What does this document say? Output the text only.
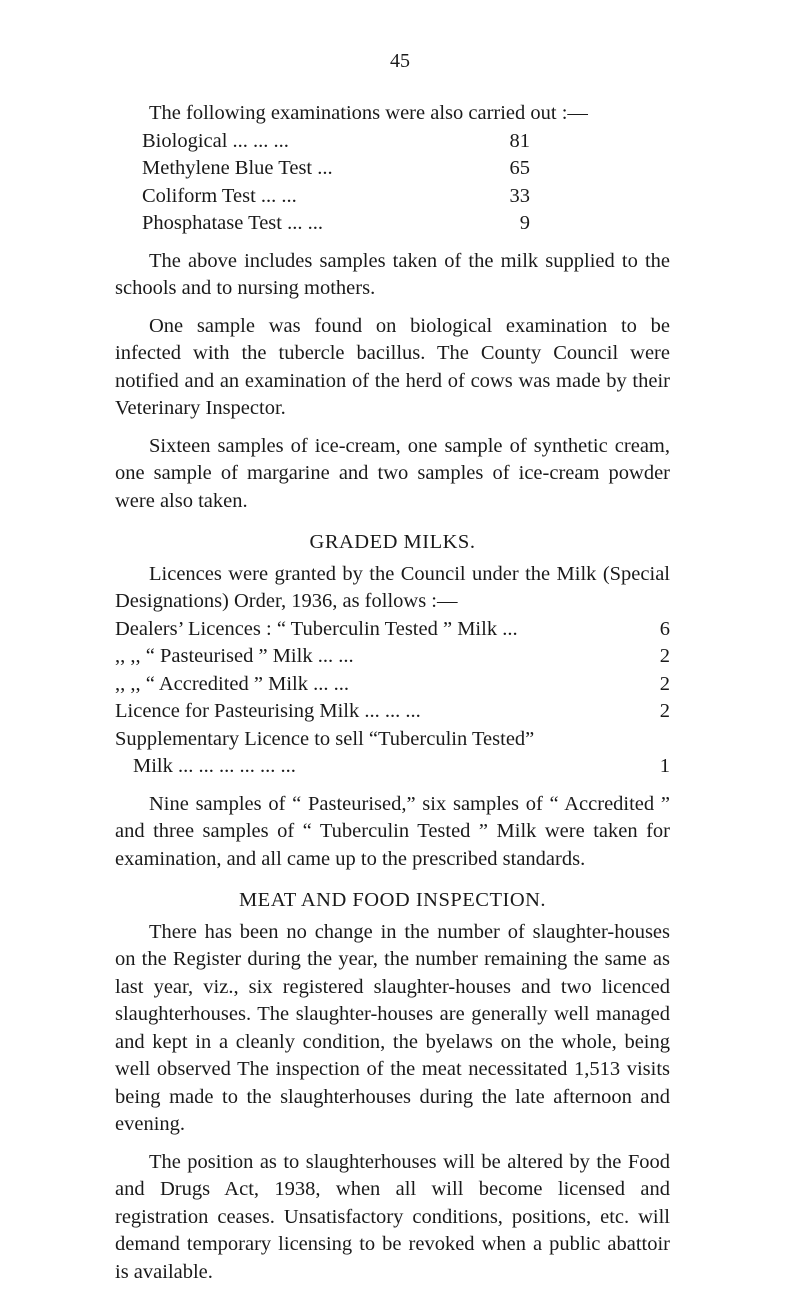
45

The following examinations were also carried out :—

Biological ... ... ...	81
Methylene Blue Test ...	65
Coliform Test ... ...	33
Phosphatase Test ... ...	9

The above includes samples taken of the milk supplied to the schools and to nursing mothers.

One sample was found on biological examination to be infected with the tubercle bacillus. The County Council were notified and an examination of the herd of cows was made by their Veterinary Inspector.

Sixteen samples of ice-cream, one sample of synthetic cream, one sample of margarine and two samples of ice-cream powder were also taken.

GRADED MILKS.

Licences were granted by the Council under the Milk (Special Designations) Order, 1936, as follows :—

Dealers’ Licences : “ Tuberculin Tested ” Milk ...	6
,, ,, “ Pasteurised ” Milk ... ...	2
,, ,, “ Accredited ” Milk ... ...	2
Licence for Pasteurising Milk ... ... ...	2
Supplementary Licence to sell “Tuberculin Tested”
Milk ... ... ... ... ... ...	1

Nine samples of “ Pasteurised,” six samples of “ Accredited ” and three samples of “ Tuberculin Tested ” Milk were taken for examination, and all came up to the prescribed standards.

MEAT AND FOOD INSPECTION.

There has been no change in the number of slaughter-houses on the Register during the year, the number remaining the same as last year, viz., six registered slaughter-houses and two licenced slaughterhouses. The slaughter-houses are generally well managed and kept in a cleanly condition, the byelaws on the whole, being well observed The inspection of the meat necessitated 1,513 visits being made to the slaughterhouses during the late afternoon and evening.

The position as to slaughterhouses will be altered by the Food and Drugs Act, 1938, when all will become licensed and registration ceases. Unsatisfactory conditions, positions, etc. will demand temporary licensing to be revoked when a public abattoir is available.
